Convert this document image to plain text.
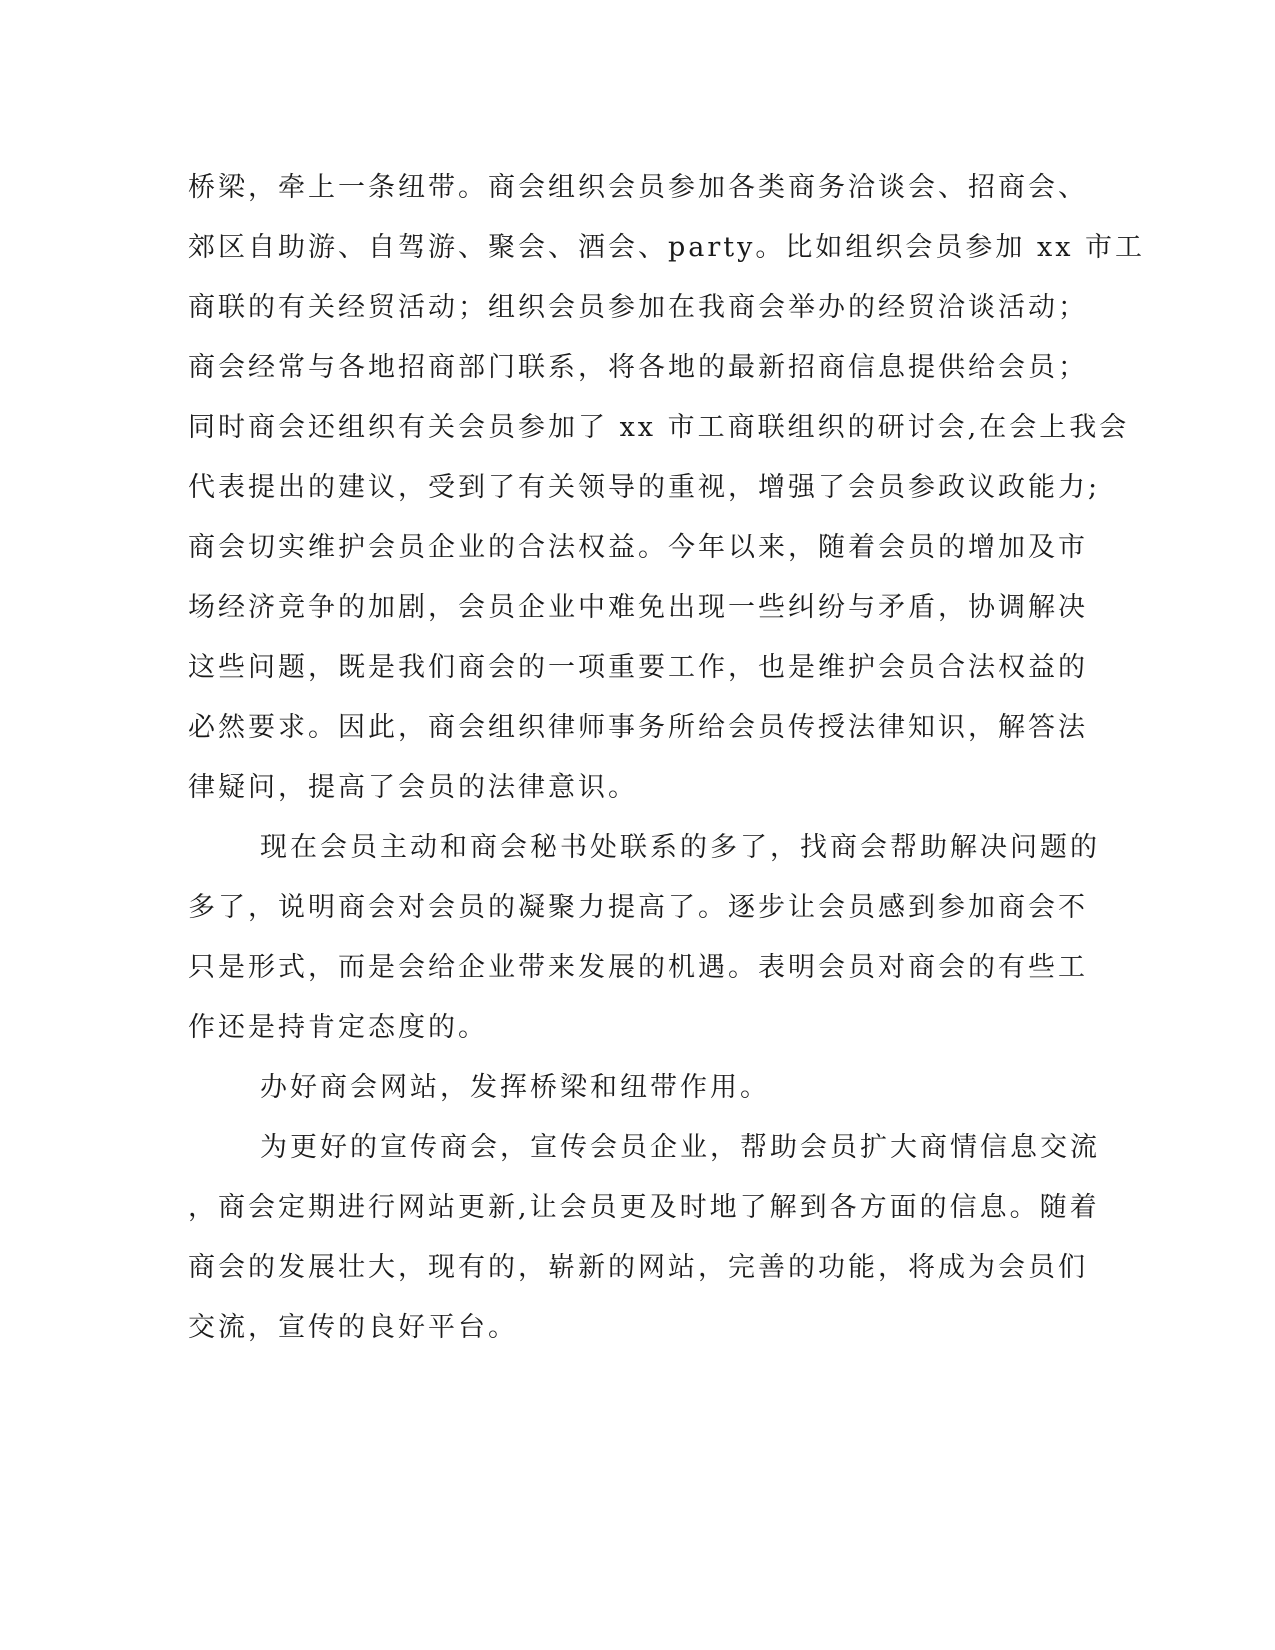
桥梁，牵上一条纽带。商会组织会员参加各类商务洽谈会、招商会、

郊区自助游、自驾游、聚会、酒会、party。比如组织会员参加 xx 市工

商联的有关经贸活动；组织会员参加在我商会举办的经贸洽谈活动；

商会经常与各地招商部门联系，将各地的最新招商信息提供给会员；

同时商会还组织有关会员参加了 xx 市工商联组织的研讨会,在会上我会

代表提出的建议，受到了有关领导的重视，增强了会员参政议政能力;

商会切实维护会员企业的合法权益。今年以来，随着会员的增加及市

场经济竞争的加剧，会员企业中难免出现一些纠纷与矛盾，协调解决

这些问题，既是我们商会的一项重要工作，也是维护会员合法权益的

必然要求。因此，商会组织律师事务所给会员传授法律知识，解答法

律疑问，提高了会员的法律意识。

现在会员主动和商会秘书处联系的多了，找商会帮助解决问题的

多了，说明商会对会员的凝聚力提高了。逐步让会员感到参加商会不

只是形式，而是会给企业带来发展的机遇。表明会员对商会的有些工

作还是持肯定态度的。

办好商会网站，发挥桥梁和纽带作用。

为更好的宣传商会，宣传会员企业，帮助会员扩大商情信息交流

，商会定期进行网站更新,让会员更及时地了解到各方面的信息。随着

商会的发展壮大，现有的，崭新的网站，完善的功能，将成为会员们

交流，宣传的良好平台。
